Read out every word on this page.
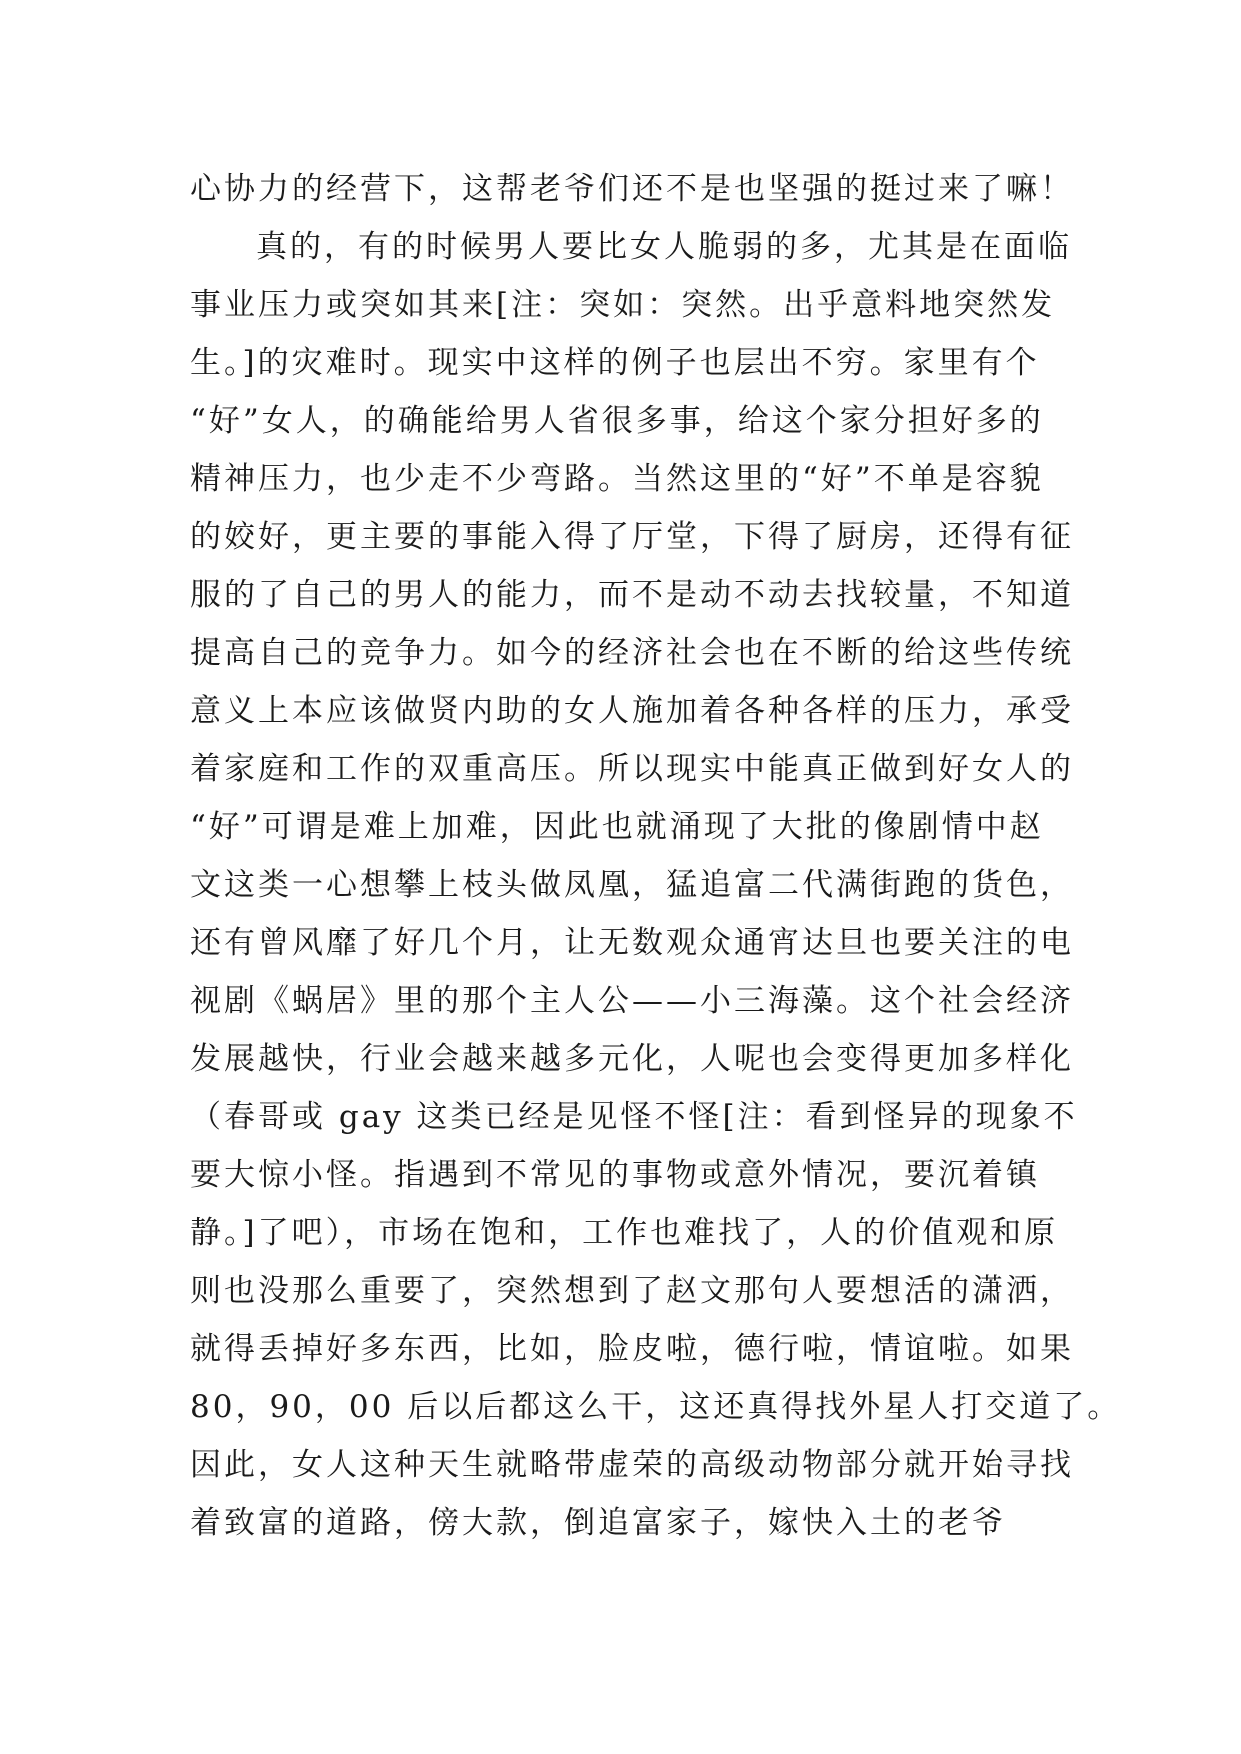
心协力的经营下，这帮老爷们还不是也坚强的挺过来了嘛！
真的，有的时候男人要比女人脆弱的多，尤其是在面临
事业压力或突如其来[注：突如：突然。出乎意料地突然发
生。]的灾难时。现实中这样的例子也层出不穷。家里有个
“好”女人，的确能给男人省很多事，给这个家分担好多的
精神压力，也少走不少弯路。当然这里的“好”不单是容貌
的姣好，更主要的事能入得了厅堂，下得了厨房，还得有征
服的了自己的男人的能力，而不是动不动去找较量，不知道
提高自己的竞争力。如今的经济社会也在不断的给这些传统
意义上本应该做贤内助的女人施加着各种各样的压力，承受
着家庭和工作的双重高压。所以现实中能真正做到好女人的
“好”可谓是难上加难，因此也就涌现了大批的像剧情中赵
文这类一心想攀上枝头做凤凰，猛追富二代满街跑的货色，
还有曾风靡了好几个月，让无数观众通宵达旦也要关注的电
视剧《蜗居》里的那个主人公——小三海藻。这个社会经济
发展越快，行业会越来越多元化，人呢也会变得更加多样化
（春哥或 gay 这类已经是见怪不怪[注：看到怪异的现象不
要大惊小怪。指遇到不常见的事物或意外情况，要沉着镇
静。]了吧），市场在饱和，工作也难找了，人的价值观和原
则也没那么重要了，突然想到了赵文那句人要想活的潇洒，
就得丢掉好多东西，比如，脸皮啦，德行啦，情谊啦。如果
80，90，00 后以后都这么干，这还真得找外星人打交道了。
因此，女人这种天生就略带虚荣的高级动物部分就开始寻找
着致富的道路，傍大款，倒追富家子，嫁快入土的老爷
